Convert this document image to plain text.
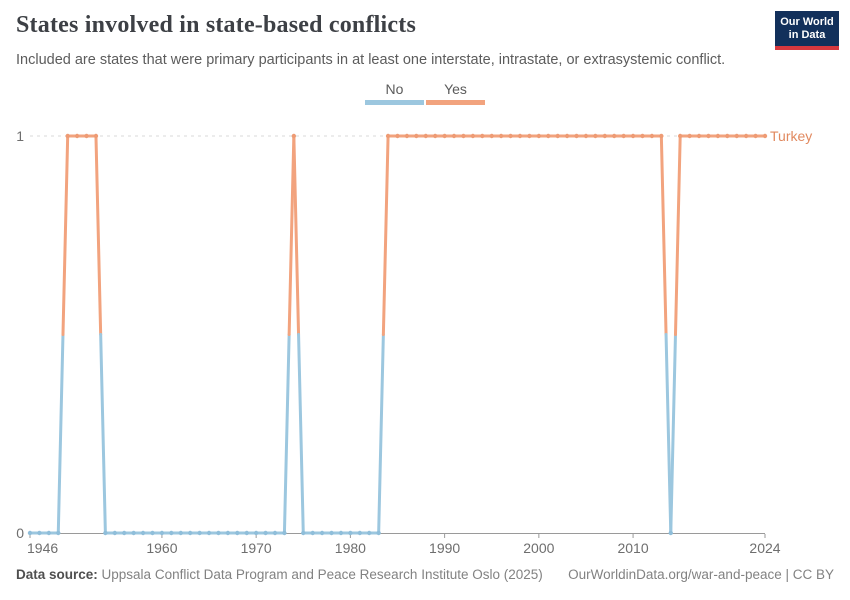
States involved in state-based conflicts
Included are states that were primary participants in at least one interstate, intrastate, or extrasystemic conflict.
Our World
in Data
No	Yes
1946	1960	1970	1980	1990	2000	2010	2024
0
1	Turkey
Data source: Uppsala Conflict Data Program and Peace Research Institute Oslo (2025) OurWorldinData.org/war-and-peace | CC BY
